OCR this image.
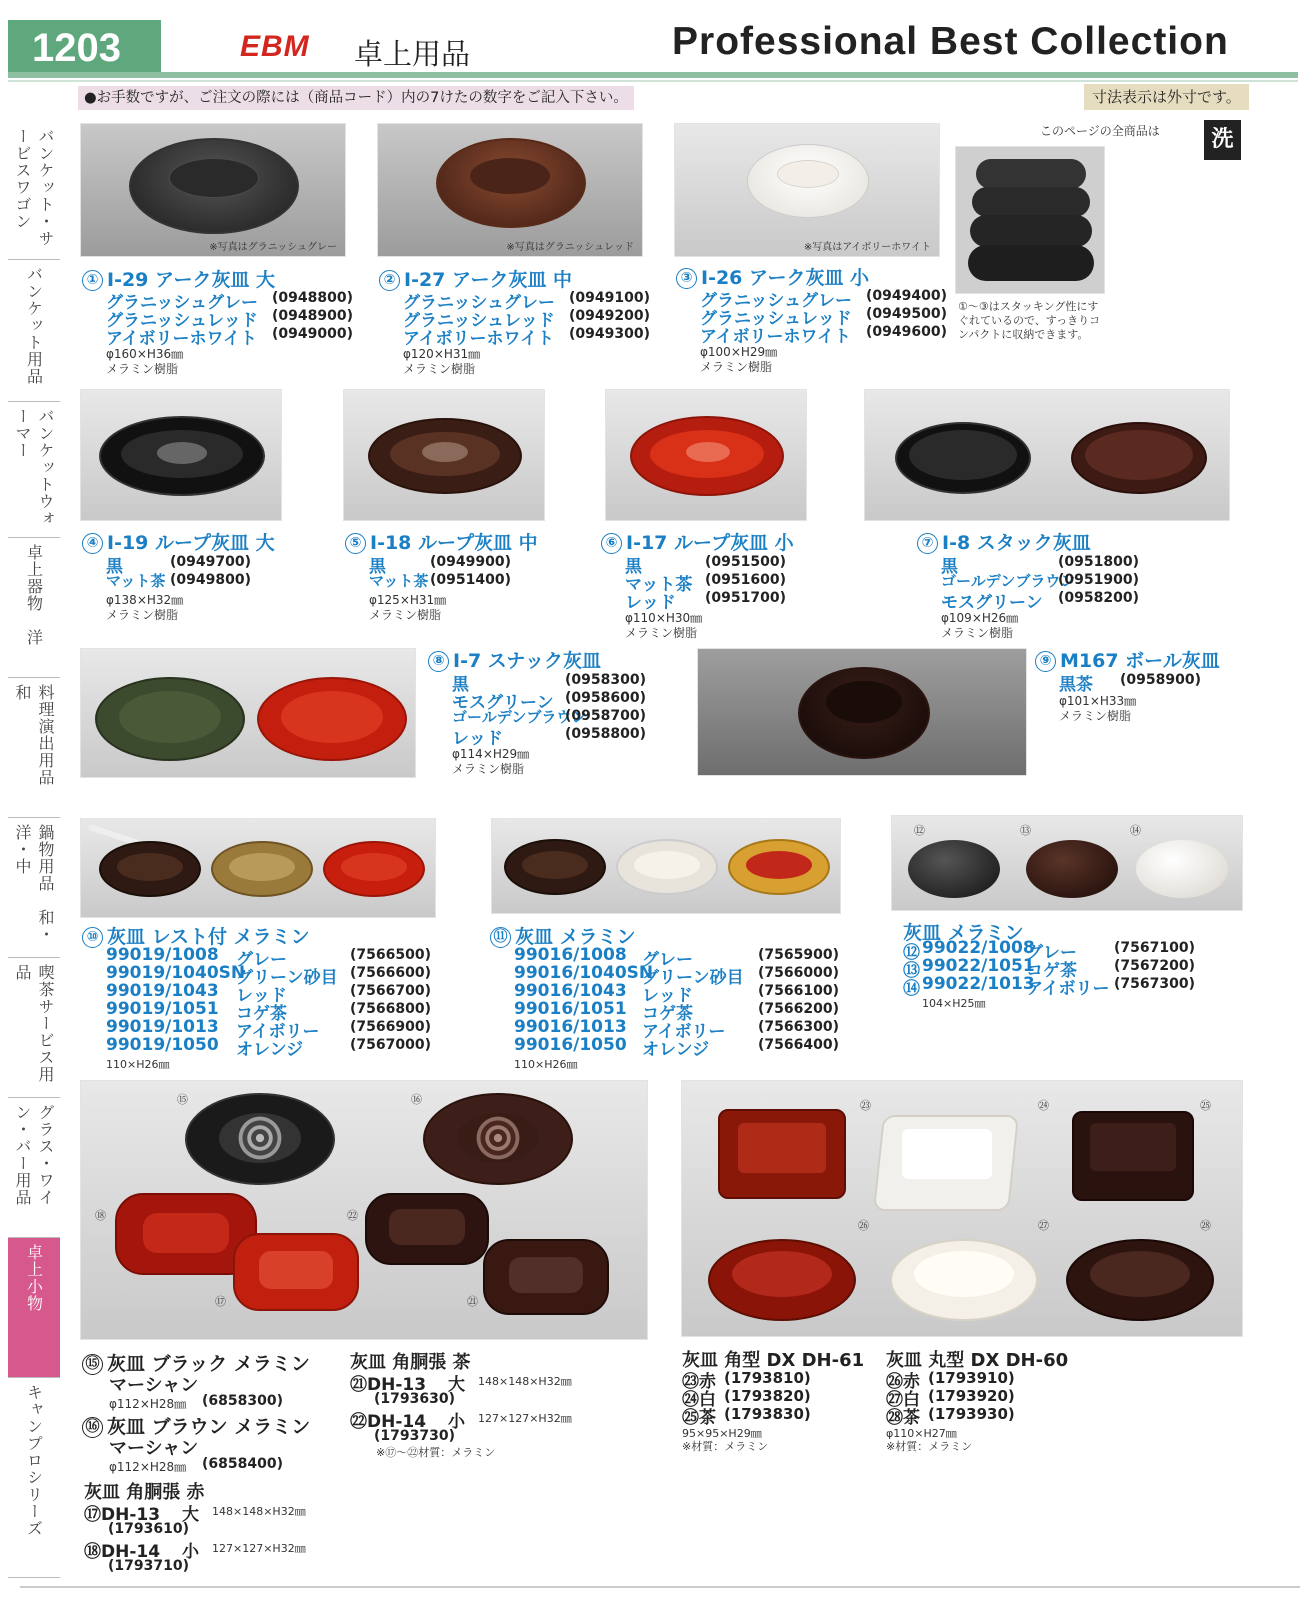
1203	EBM 卓上用品	Professional Best Collection
●お手数ですが、ご注文の際には（商品コード）内の7けたの数字をご記入下さい。	寸法表示は外寸です。
バンケット・サービスワゴン
バンケット用品
バンケットウォーマー
卓上器物　洋
料理演出用品　和
鍋物用品　和・洋・中
喫茶サービス用品
グラス・ワイン・バー用品
卓上小物
キャンプロシリーズ
※写真はグラニッシュグレー	※写真はグラニッシュレッド	※写真はアイボリーホワイト
このページの全商品は	洗
①〜③はスタッキング性にすぐれているので、すっきりコンパクトに収納できます。
① I-29 アーク灰皿 大
グラニッシュグレー (0948800)
グラニッシュレッド (0948900)
アイボリーホワイト (0949000)
φ160×H36㎜
メラミン樹脂
② I-27 アーク灰皿 中
グラニッシュグレー (0949100)
グラニッシュレッド (0949200)
アイボリーホワイト (0949300)
φ120×H31㎜
メラミン樹脂
③ I-26 アーク灰皿 小
グラニッシュグレー (0949400)
グラニッシュレッド (0949500)
アイボリーホワイト (0949600)
φ100×H29㎜
メラミン樹脂
④ I-19 ループ灰皿 大
黒	(0949700)
マット茶 (0949800)
φ138×H32㎜
メラミン樹脂
⑤ I-18 ループ灰皿 中
黒	(0949900)
マット茶 (0951400)
φ125×H31㎜
メラミン樹脂
⑥ I-17 ループ灰皿 小
黒	(0951500)
マット茶 (0951600)
レッド (0951700)
φ110×H30㎜
メラミン樹脂
⑦ I-8 スタック灰皿
黒	(0951800)
ゴールデンブラウン
(0951900)
モスグリーン (0958200)
φ109×H26㎜
メラミン樹脂
⑧ I-7 スナック灰皿
黒	(0958300)
モスグリーン (0958600)
ゴールデンブラウン
(0958700)
レッド	(0958800)
φ114×H29㎜
メラミン樹脂
⑨ M167 ボール灰皿
黒茶 (0958900)
φ101×H33㎜
メラミン樹脂
⑫	⑬	⑭
⑩ 灰皿 レスト付 メラミン
99019/1008 グレー	(7566500)
99019/1040SN
グリーン砂目 (7566600)
99019/1043 レッド	(7566700)
99019/1051 コゲ茶	(7566800)
99019/1013 アイボリー (7566900)
99019/1050 オレンジ	(7567000)
110×H26㎜
⑪ 灰皿 メラミン
99016/1008 グレー	(7565900)
99016/1040SN
グリーン砂目 (7566000)
99016/1043 レッド	(7566100)
99016/1051 コゲ茶	(7566200)
99016/1013 アイボリー (7566300)
99016/1050 オレンジ	(7566400)
110×H26㎜
灰皿 メラミン
⑫ 99022/1008
グレー	(7567100)
⑬ 99022/1051
コゲ茶	(7567200)
⑭ 99022/1013
アイボリー (7567300)
104×H25㎜
⑮	⑯
⑱	㉒
⑰	㉑
㉓	㉔	㉕
㉖	㉗	㉘
⑮ 灰皿 ブラック メラミン
マーシャン
φ112×H28㎜ (6858300)
⑯ 灰皿 ブラウン メラミン
マーシャン
φ112×H28㎜ (6858400)
灰皿 角胴張 赤
⑰DH-13 大 148×148×H32㎜
(1793610)
⑱DH-14 小 127×127×H32㎜
(1793710)
灰皿 角胴張 茶
㉑DH-13 大 148×148×H32㎜
(1793630)
㉒DH-14 小 127×127×H32㎜
(1793730)
※⑰〜㉒材質：メラミン
灰皿 角型 DX DH-61
㉓赤 (1793810)
㉔白 (1793820)
㉕茶 (1793830)
95×95×H29㎜
※材質：メラミン
灰皿 丸型 DX DH-60
㉖赤 (1793910)
㉗白 (1793920)
㉘茶 (1793930)
φ110×H27㎜
※材質：メラミン
